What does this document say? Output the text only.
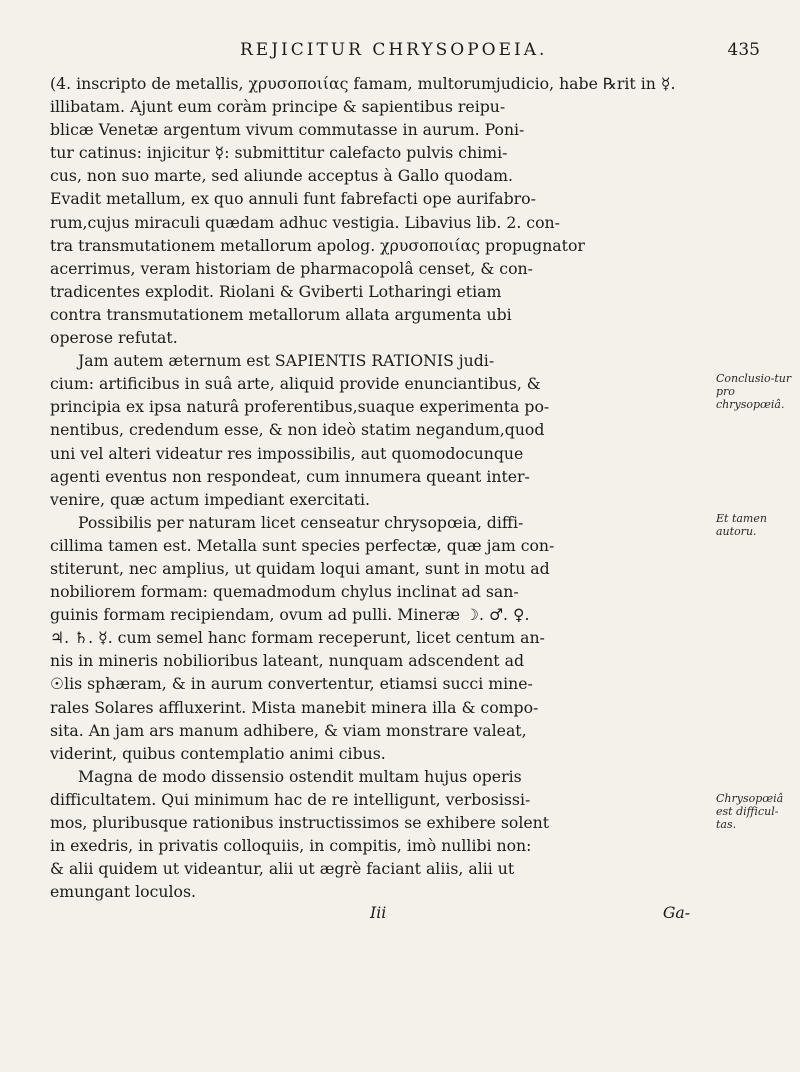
REJICITUR CHRYSOPOEIA.	435
(4. inscripto de metallis, χρυσοποιίας famam, multorumjudicio, habe ℞rit in ☿.
illibatam. Ajunt eum coràm principe & sapientibus reipu-
blicæ Venetæ argentum vivum commutasse in aurum. Poni-
tur catinus: injicitur ☿: submittitur calefacto pulvis chimi-
cus, non suo marte, sed aliunde acceptus à Gallo quodam.
Evadit metallum, ex quo annuli funt fabrefacti ope aurifabro-
rum,cujus miraculi quædam adhuc vestigia. Libavius lib. 2. con-
tra transmutationem metallorum apolog. χρυσοποιίας propugnator
acerrimus, veram historiam de pharmacopolâ censet, & con-
tradicentes explodit. Riolani & Gviberti Lotharingi etiam
contra transmutationem metallorum allata argumenta ubi
operose refutat.
Jam autem æternum est SAPIENTIS RATIONIS judi-
cium: artificibus in suâ arte, aliquid provide enunciantibus, &
principia ex ipsa naturâ proferentibus,suaque experimenta po-
nentibus, credendum esse, & non ideò statim negandum,quod
uni vel alteri videatur res impossibilis, aut quomodocunque
agenti eventus non respondeat, cum innumera queant inter-
venire, quæ actum impediant exercitati.
Possibilis per naturam licet censeatur chrysopœia, diffi-
cillima tamen est. Metalla sunt species perfectæ, quæ jam con-
stiterunt, nec amplius, ut quidam loqui amant, sunt in motu ad
nobiliorem formam: quemadmodum chylus inclinat ad san-
guinis formam recipiendam, ovum ad pulli. Mineræ ☽. ♂. ♀.
♃. ♄. ☿. cum semel hanc formam receperunt, licet centum an-
nis in mineris nobilioribus lateant, nunquam adscendent ad
☉lis sphæram, & in aurum convertentur, etiamsi succi mine-
rales Solares affluxerint. Mista manebit minera illa & compo-
sita. An jam ars manum adhibere, & viam monstrare valeat,
viderint, quibus contemplatio animi cibus.
Magna de modo dissensio ostendit multam hujus operis
difficultatem. Qui minimum hac de re intelligunt, verbosissi-
mos, pluribusque rationibus instructissimos se exhibere solent
in exedris, in privatis colloquiis, in compitis, imò nullibi non:
& alii quidem ut videantur, alii ut ægrè faciant aliis, alii ut
emungant loculos.
Conclusio-tur pro chrysopœiâ.
Et tamen autoru.
Chrysopœiâ est difficul-tas.
Iii	Ga-
